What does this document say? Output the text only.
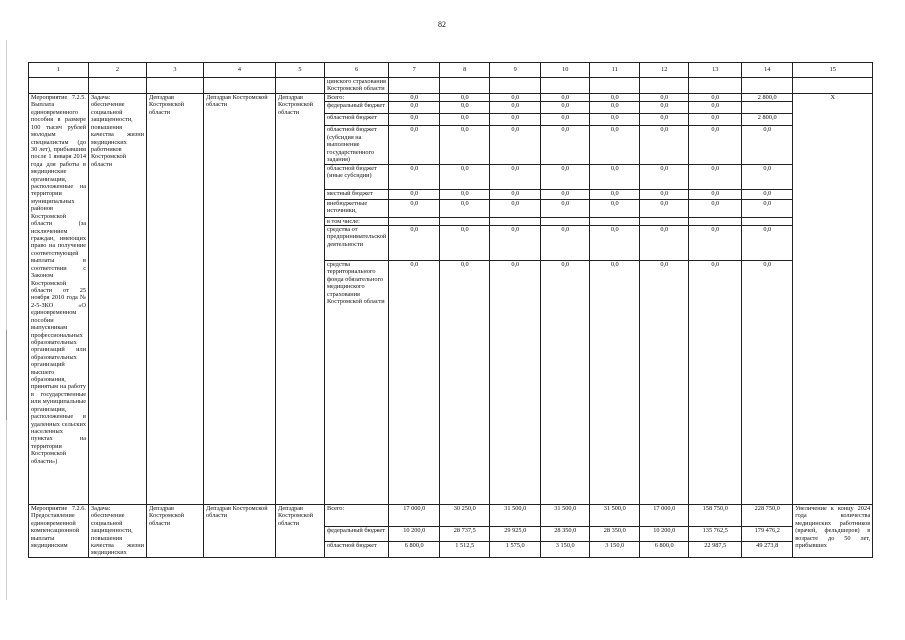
82
1	2	3	4	5	6	7	8	9	10	11	12	13	14	15
					цинского страхования Костромской области									
Мероприятие 7.2.5. Выплата единовременного пособия в размере 100 тысяч рублей молодым специалистам (до 30 лет), прибывшим после 1 января 2014 года для работы в медицинские организации, расположенные на территории муниципальных районов Костромской области (за исключением граждан, имеющих право на получение соответствующей выплаты в соответствии с Законом Костромской области от 25 ноября 2010 года № 2-5-ЗКО «О единовременном пособии выпускникам профессиональных образовательных организаций или образовательных организаций высшего образования, принятым на работу в государственные или муниципальные организации, расположенные в удаленных сельских населенных пунктах на территории Костромской области»)	Задача: обеспечение социальной защищенности, повышения качества жизни медицинских работников Костромской области	Депздрав Костромской области	Депздрав Костромской области	Депздрав Костромской области	Всего:	0,0	0,0	0,0	0,0	0,0	0,0	0,0	2 800,0	Х
					федеральный бюджет	0,0	0,0	0,0	0,0	0,0	0,0	0,0		
					областной бюджет	0,0	0,0	0,0	0,0	0,0	0,0	0,0	2 800,0	
					областной бюджет (субсидия на выполнение государственного задания)	0,0	0,0	0,0	0,0	0,0	0,0	0,0	0,0	
					областной бюджет (иные субсидии)	0,0	0,0	0,0	0,0	0,0	0,0	0,0	0,0	
					местный бюджет	0,0	0,0	0,0	0,0	0,0	0,0	0,0	0,0	
					внебюджетные источники,	0,0	0,0	0,0	0,0	0,0	0,0	0,0	0,0	
					в том числе:									
					средства от предпринимательской деятельности	0,0	0,0	0,0	0,0	0,0	0,0	0,0	0,0	
					средства территориального фонда обязательного медицинского страхования Костромской области	0,0	0,0	0,0	0,0	0,0	0,0	0,0	0,0	
Мероприятие 7.2.6. Предоставление единовременной компенсационной выплаты медицинским	Задача: обеспечение социальной защищенности, повышения качества жизни медицинских	Депздрав Костромской области	Депздрав Костромской области	Депздрав Костромской области	Всего:	17 000,0	30 250,0	31 500,0	31 500,0	31 500,0	17 000,0	158 750,0	228 750,0	Увеличение к концу 2024 года количества медицинских работников (врачей, фельдшеров) в возрасте до 50 лет, прибывших
					федеральный бюджет	10 200,0	28 737,5	29 925,0	28 350,0	28 350,0	10 200,0	135 762,5	179 476,2	
					областной бюджет	6 800,0	1 512,5	1 575,0	3 150,0	3 150,0	6 800,0	22 987,5	49 273,8	
